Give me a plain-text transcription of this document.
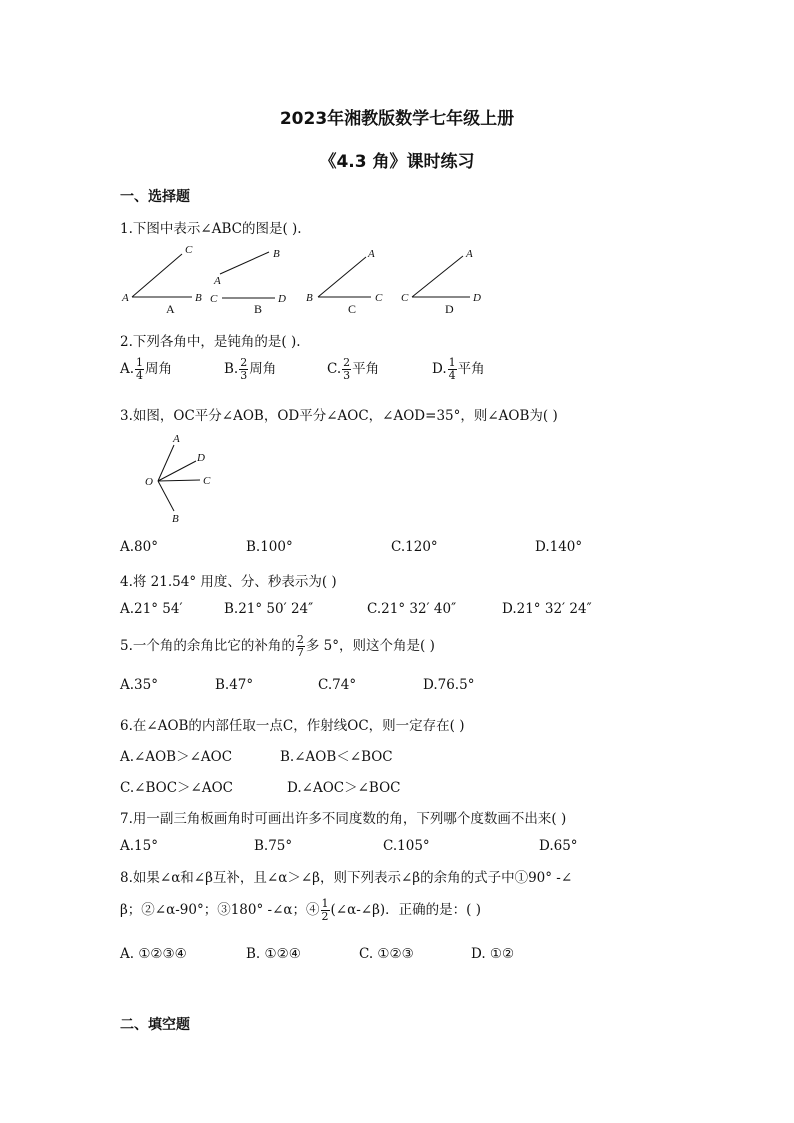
2023年湘教版数学七年级上册
《4.3 角》课时练习
一、选择题
1.下图中表示∠ABC的图是( ).
C
A	B
A
B
A
C	D
B
A
B	C
C
A
C	D
D
2.下列各角中，是钝角的是( ).
A. $\frac{1}{4}$ 周角	B. $\frac{2}{3}$ 周角	C. $\frac{2}{3}$ 平角	D. $\frac{1}{4}$ 平角
3.如图，OC平分∠AOB，OD平分∠AOC，∠AOD=35°，则∠AOB为( )
A
D
O	C
B
A.80°	B.100°	C.120°	D.140°
4.将 21.54° 用度、分、秒表示为( )
A.21° 54′	B.21° 50′ 24″	C.21° 32′ 40″	D.21° 32′ 24″
5.一个角的余角比它的补角的 $\frac{2}{7}$ 多 5°，则这个角是( )
A.35°	B.47°	C.74°	D.76.5°
6.在∠AOB的内部任取一点C，作射线OC，则一定存在( )
A.∠AOB＞∠AOC	B.∠AOB＜∠BOC
C.∠BOC＞∠AOC	D.∠AOC＞∠BOC
7.用一副三角板画角时可画出许多不同度数的角，下列哪个度数画不出来( )
A.15°	B.75°	C.105°	D.65°
8.如果∠α和∠β互补，且∠α＞∠β，则下列表示∠β的余角的式子中①90° -∠
β；②∠α-90°；③180° -∠α；④ $\frac{1}{2}$ (∠α-∠β)．正确的是：( )
A. ①②③④	B. ①②④	C. ①②③	D. ①②
二、填空题
